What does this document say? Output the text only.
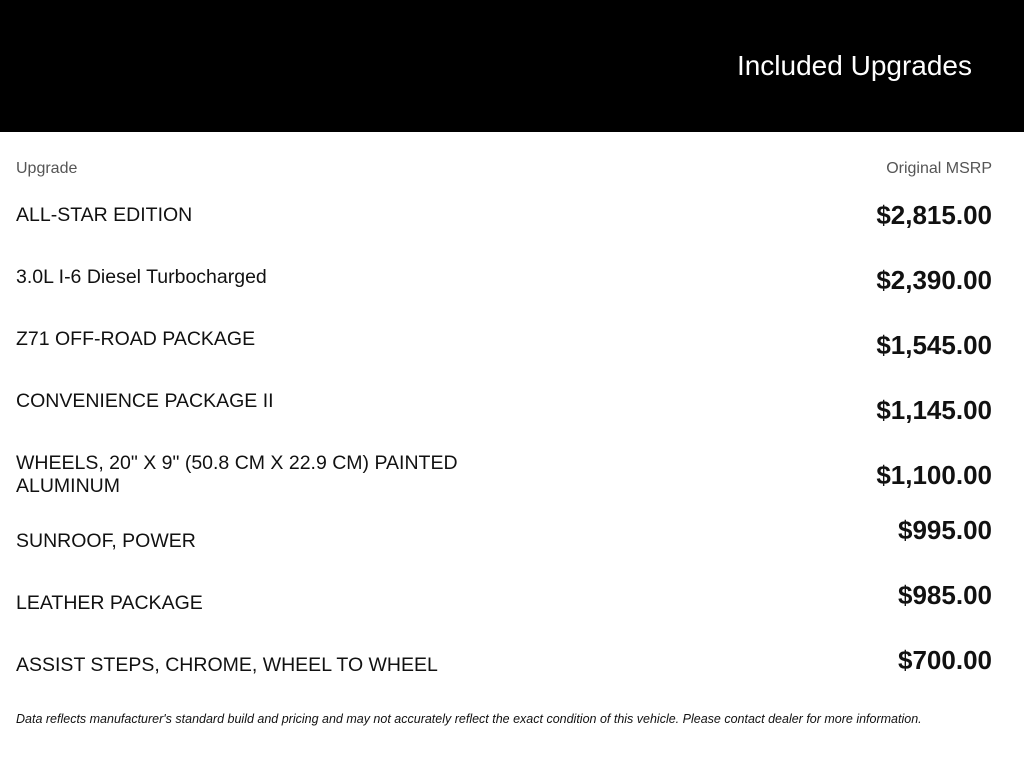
Included Upgrades
Upgrade	Original MSRP
ALL-STAR EDITION	$2,815.00
3.0L I-6 Diesel Turbocharged	$2,390.00
Z71 OFF-ROAD PACKAGE	$1,545.00
CONVENIENCE PACKAGE II	$1,145.00
WHEELS, 20" X 9" (50.8 CM X 22.9 CM) PAINTED ALUMINUM	$1,100.00
SUNROOF, POWER	$995.00
LEATHER PACKAGE	$985.00
ASSIST STEPS, CHROME, WHEEL TO WHEEL	$700.00
Data reflects manufacturer's standard build and pricing and may not accurately reflect the exact condition of this vehicle. Please contact dealer for more information.
